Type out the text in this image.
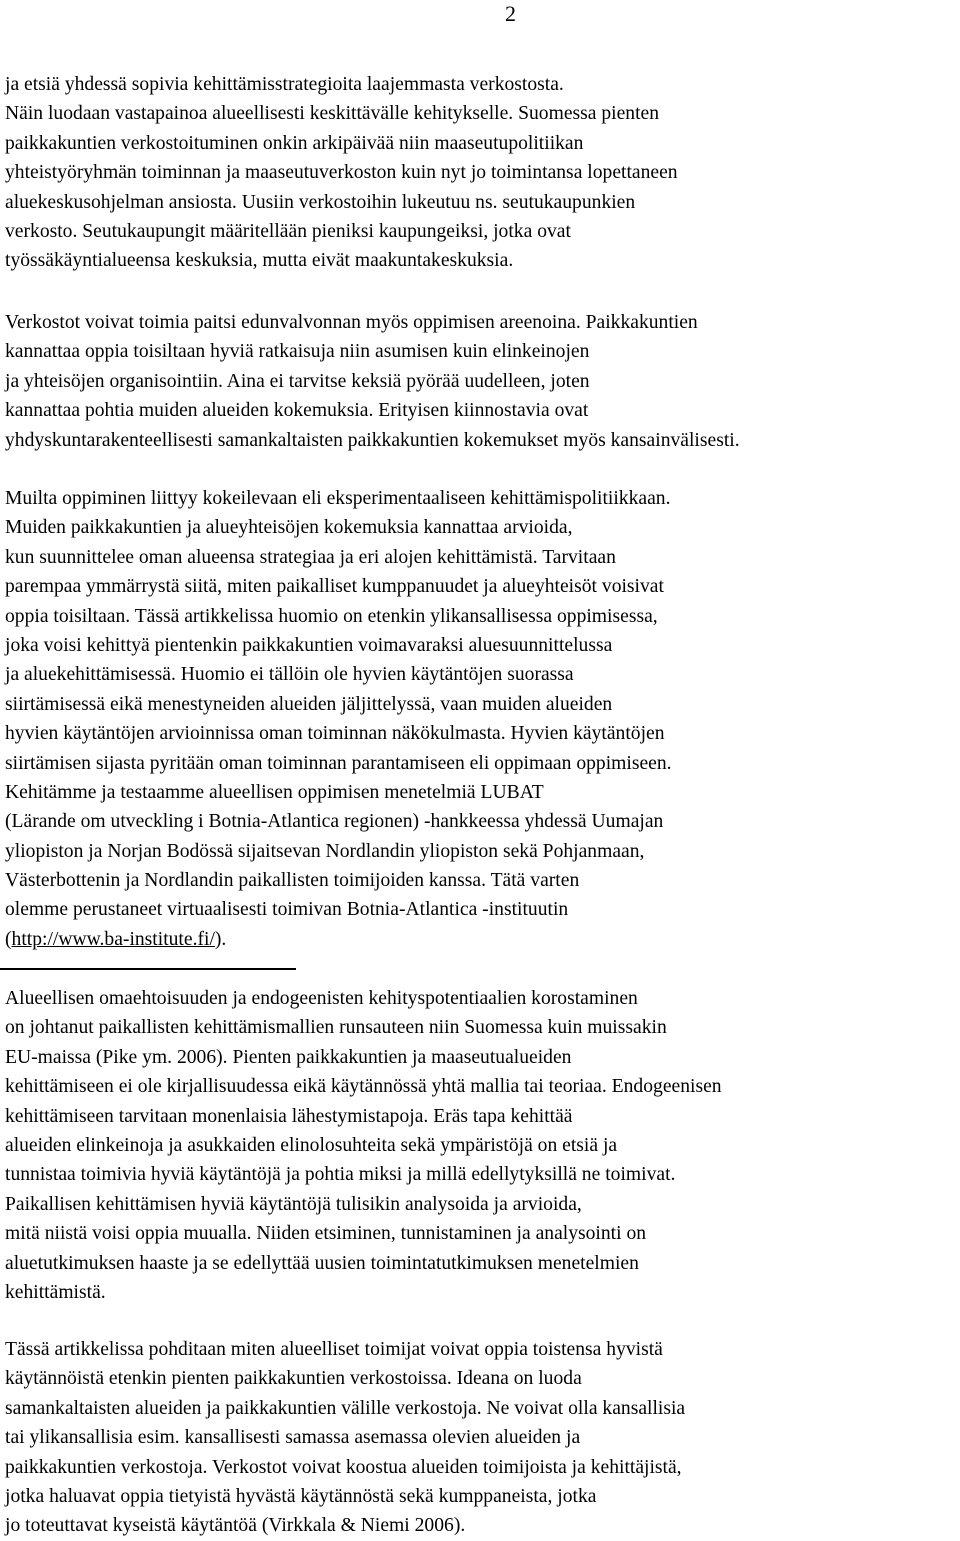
2
ja etsiä yhdessä sopivia kehittämisstrategioita laajemmasta verkostosta.
Näin luodaan vastapainoa alueellisesti keskittävälle kehitykselle. Suomessa pienten
paikkakuntien verkostoituminen onkin arkipäivää niin maaseutupolitiikan
yhteistyöryhmän toiminnan ja maaseutuverkoston kuin nyt jo toimintansa lopettaneen
aluekeskusohjelman ansiosta. Uusiin verkostoihin lukeutuu ns. seutukaupunkien
verkosto. Seutukaupungit määritellään pieniksi kaupungeiksi, jotka ovat
työssäkäyntialueensa keskuksia, mutta eivät maakuntakeskuksia.
Verkostot voivat toimia paitsi edunvalvonnan myös oppimisen areenoina. Paikkakuntien
kannattaa oppia toisiltaan hyviä ratkaisuja niin asumisen kuin elinkeinojen
ja yhteisöjen organisointiin. Aina ei tarvitse keksiä pyörää uudelleen, joten
kannattaa pohtia muiden alueiden kokemuksia. Erityisen kiinnostavia ovat
yhdyskuntarakenteellisesti samankaltaisten paikkakuntien kokemukset myös kansainvälisesti.
Muilta oppiminen liittyy kokeilevaan eli eksperimentaaliseen kehittämispolitiikkaan.
Muiden paikkakuntien ja alueyhteisöjen kokemuksia kannattaa arvioida,
kun suunnittelee oman alueensa strategiaa ja eri alojen kehittämistä. Tarvitaan
parempaa ymmärrystä siitä, miten paikalliset kumppanuudet ja alueyhteisöt voisivat
oppia toisiltaan. Tässä artikkelissa huomio on etenkin ylikansallisessa oppimisessa,
joka voisi kehittyä pientenkin paikkakuntien voimavaraksi aluesuunnittelussa
ja aluekehittämisessä. Huomio ei tällöin ole hyvien käytäntöjen suorassa
siirtämisessä eikä menestyneiden alueiden jäljittelyssä, vaan muiden alueiden
hyvien käytäntöjen arvioinnissa oman toiminnan näkökulmasta. Hyvien käytäntöjen
siirtämisen sijasta pyritään oman toiminnan parantamiseen eli oppimaan oppimiseen.
Kehitämme ja testaamme alueellisen oppimisen menetelmiä LUBAT
(Lärande om utveckling i Botnia-Atlantica regionen) -hankkeessa yhdessä Uumajan
yliopiston ja Norjan Bodössä sijaitsevan Nordlandin yliopiston sekä Pohjanmaan,
Västerbottenin ja Nordlandin paikallisten toimijoiden kanssa. Tätä varten
olemme perustaneet virtuaalisesti toimivan Botnia-Atlantica -instituutin
(http://www.ba-institute.fi/).
Alueellisen omaehtoisuuden ja endogeenisten kehityspotentiaalien korostaminen
on johtanut paikallisten kehittämismallien runsauteen niin Suomessa kuin muissakin
EU-maissa (Pike ym. 2006). Pienten paikkakuntien ja maaseutualueiden
kehittämiseen ei ole kirjallisuudessa eikä käytännössä yhtä mallia tai teoriaa. Endogeenisen
kehittämiseen tarvitaan monenlaisia lähestymistapoja. Eräs tapa kehittää
alueiden elinkeinoja ja asukkaiden elinolosuhteita sekä ympäristöjä on etsiä ja
tunnistaa toimivia hyviä käytäntöjä ja pohtia miksi ja millä edellytyksillä ne toimivat.
Paikallisen kehittämisen hyviä käytäntöjä tulisikin analysoida ja arvioida,
mitä niistä voisi oppia muualla. Niiden etsiminen, tunnistaminen ja analysointi on
aluetutkimuksen haaste ja se edellyttää uusien toimintatutkimuksen menetelmien
kehittämistä.
Tässä artikkelissa pohditaan miten alueelliset toimijat voivat oppia toistensa hyvistä
käytännöistä etenkin pienten paikkakuntien verkostoissa. Ideana on luoda
samankaltaisten alueiden ja paikkakuntien välille verkostoja. Ne voivat olla kansallisia
tai ylikansallisia esim. kansallisesti samassa asemassa olevien alueiden ja
paikkakuntien verkostoja. Verkostot voivat koostua alueiden toimijoista ja kehittäjistä,
jotka haluavat oppia tietyistä hyvästä käytännöstä sekä kumppaneista, jotka
jo toteuttavat kyseistä käytäntöä (Virkkala & Niemi 2006).
